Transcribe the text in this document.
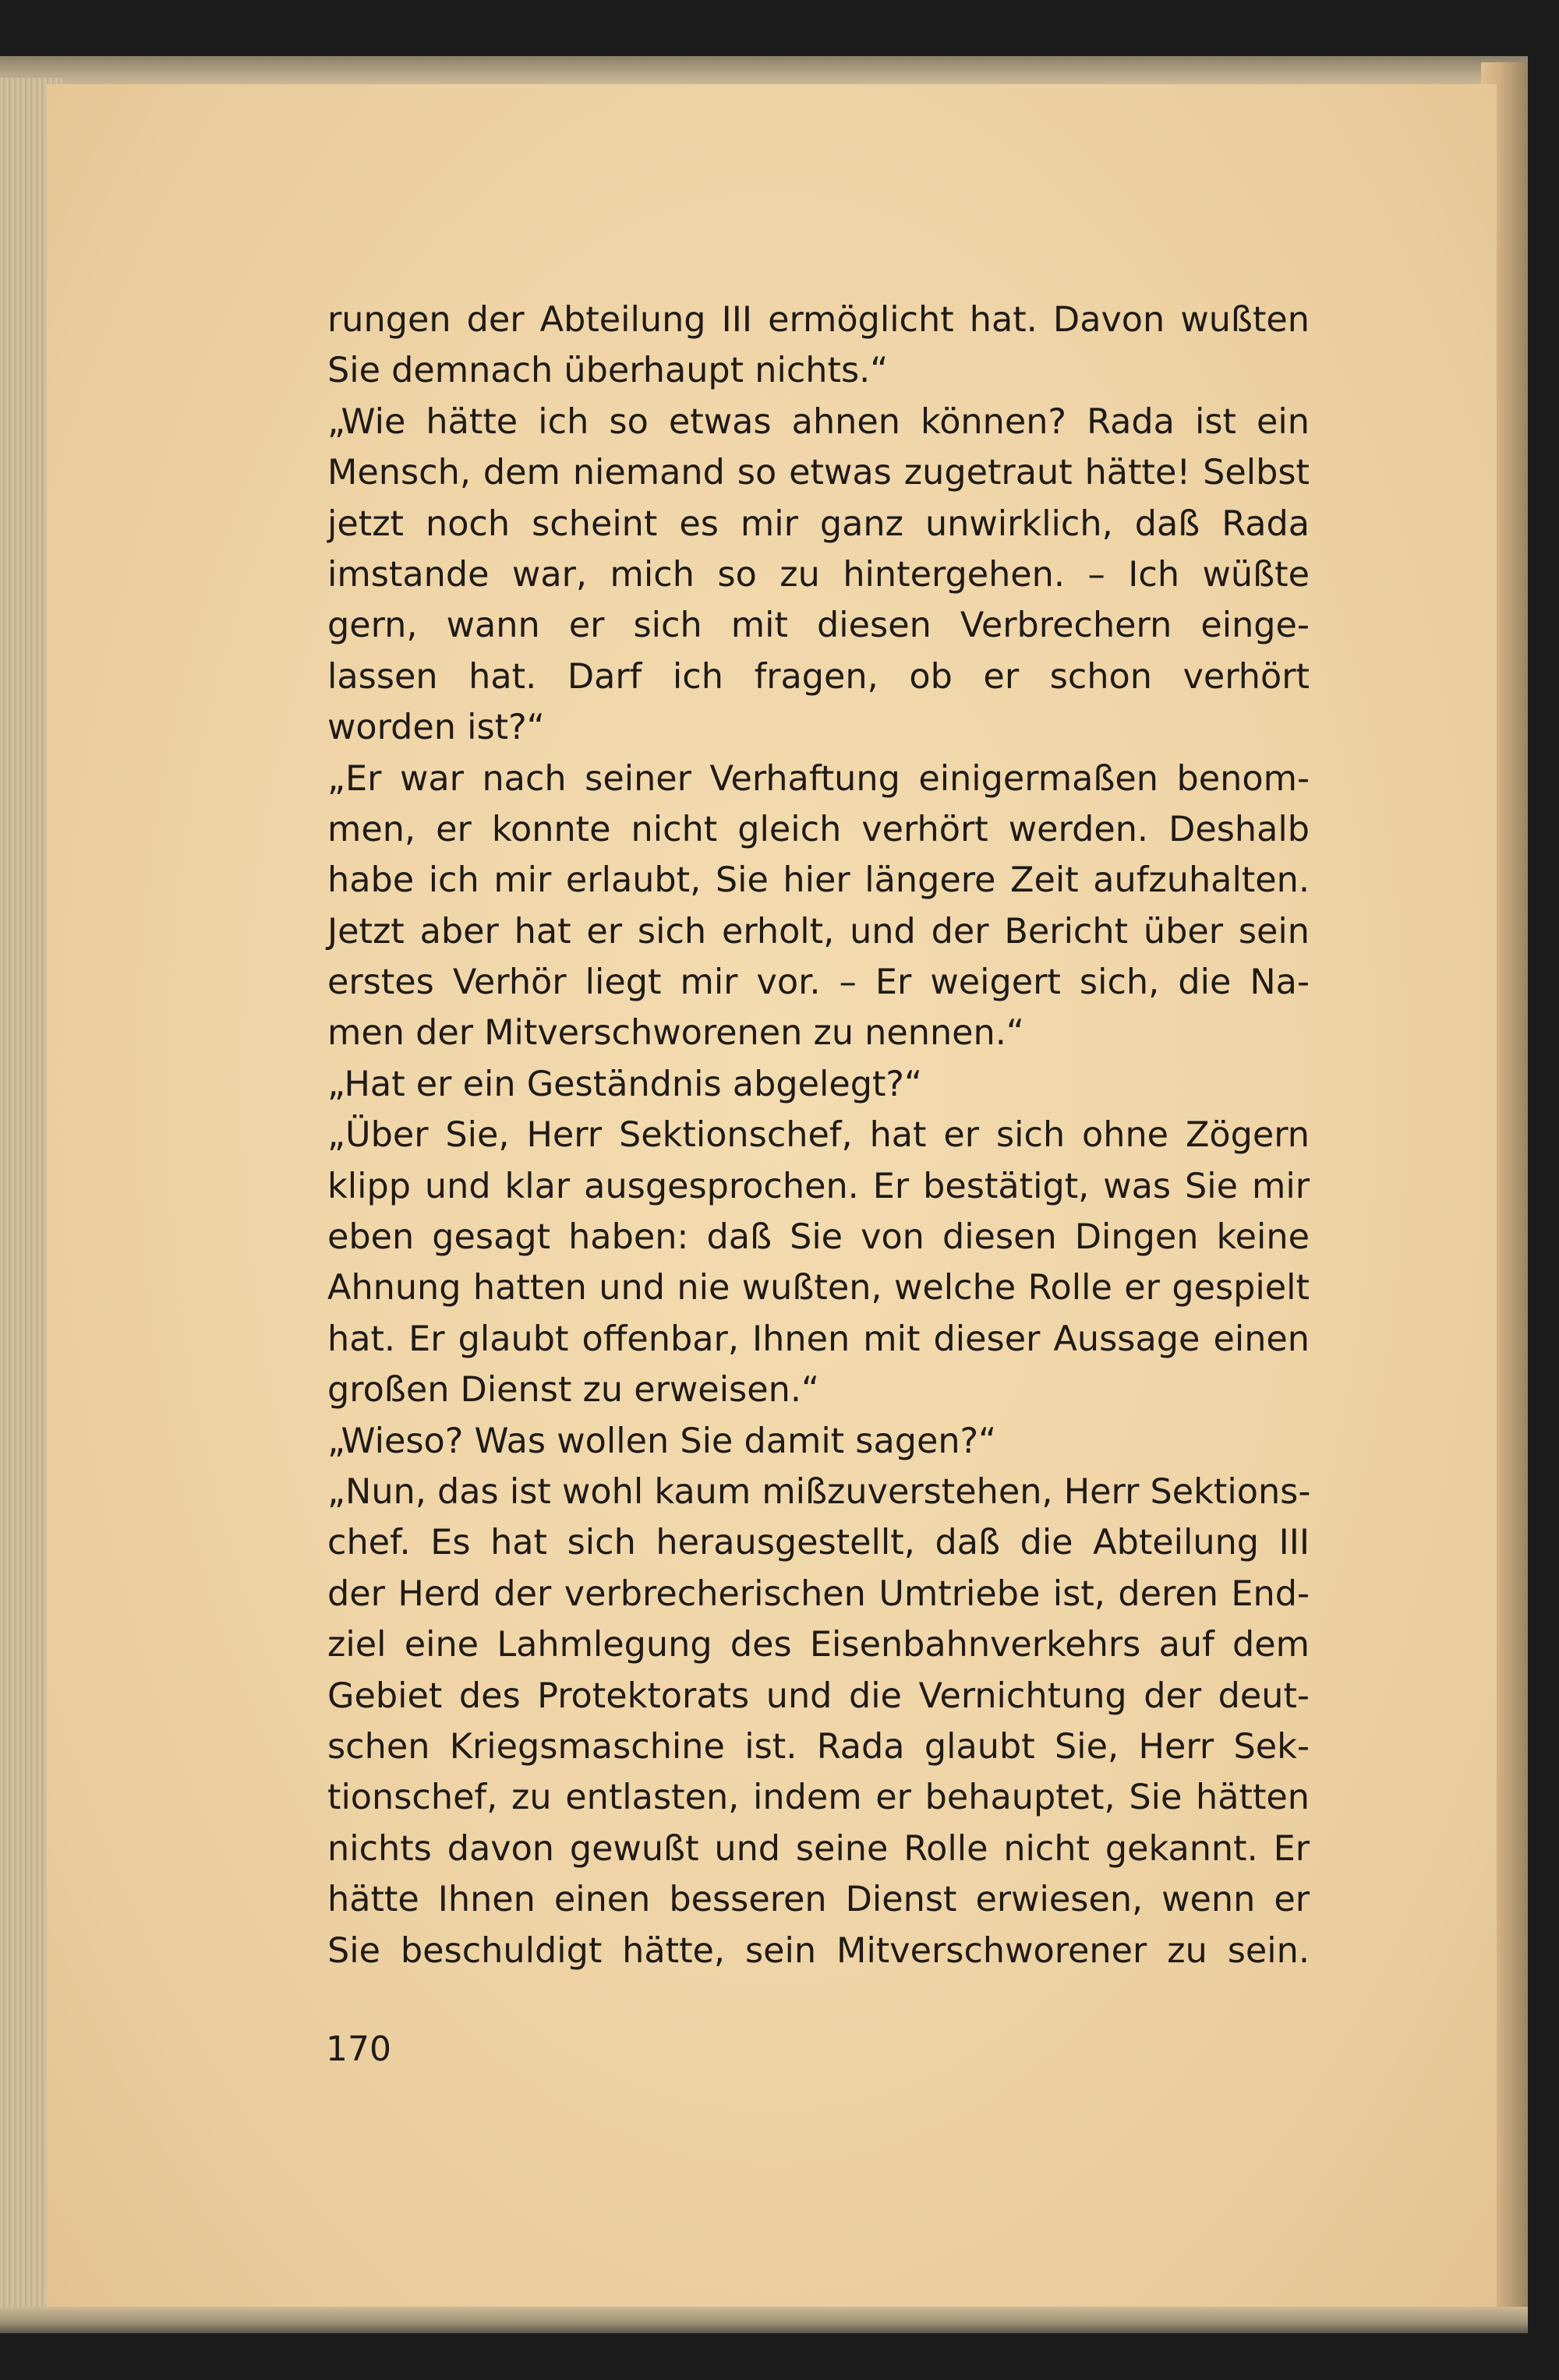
rungen der Abteilung III ermöglicht hat. Davon wußten
Sie demnach überhaupt nichts.“
„Wie hätte ich so etwas ahnen können? Rada ist ein
Mensch, dem niemand so etwas zugetraut hätte! Selbst
jetzt noch scheint es mir ganz unwirklich, daß Rada
imstande war, mich so zu hintergehen. – Ich wüßte
gern, wann er sich mit diesen Verbrechern einge-
lassen hat. Darf ich fragen, ob er schon verhört
worden ist?“
„Er war nach seiner Verhaftung einigermaßen benom-
men, er konnte nicht gleich verhört werden. Deshalb
habe ich mir erlaubt, Sie hier längere Zeit aufzuhalten.
Jetzt aber hat er sich erholt, und der Bericht über sein
erstes Verhör liegt mir vor. – Er weigert sich, die Na-
men der Mitverschworenen zu nennen.“
„Hat er ein Geständnis abgelegt?“
„Über Sie, Herr Sektionschef, hat er sich ohne Zögern
klipp und klar ausgesprochen. Er bestätigt, was Sie mir
eben gesagt haben: daß Sie von diesen Dingen keine
Ahnung hatten und nie wußten, welche Rolle er gespielt
hat. Er glaubt offenbar, Ihnen mit dieser Aussage einen
großen Dienst zu erweisen.“
„Wieso? Was wollen Sie damit sagen?“
„Nun, das ist wohl kaum mißzuverstehen, Herr Sektions-
chef. Es hat sich herausgestellt, daß die Abteilung III
der Herd der verbrecherischen Umtriebe ist, deren End-
ziel eine Lahmlegung des Eisenbahnverkehrs auf dem
Gebiet des Protektorats und die Vernichtung der deut-
schen Kriegsmaschine ist. Rada glaubt Sie, Herr Sek-
tionschef, zu entlasten, indem er behauptet, Sie hätten
nichts davon gewußt und seine Rolle nicht gekannt. Er
hätte Ihnen einen besseren Dienst erwiesen, wenn er
Sie beschuldigt hätte, sein Mitverschworener zu sein.
170
